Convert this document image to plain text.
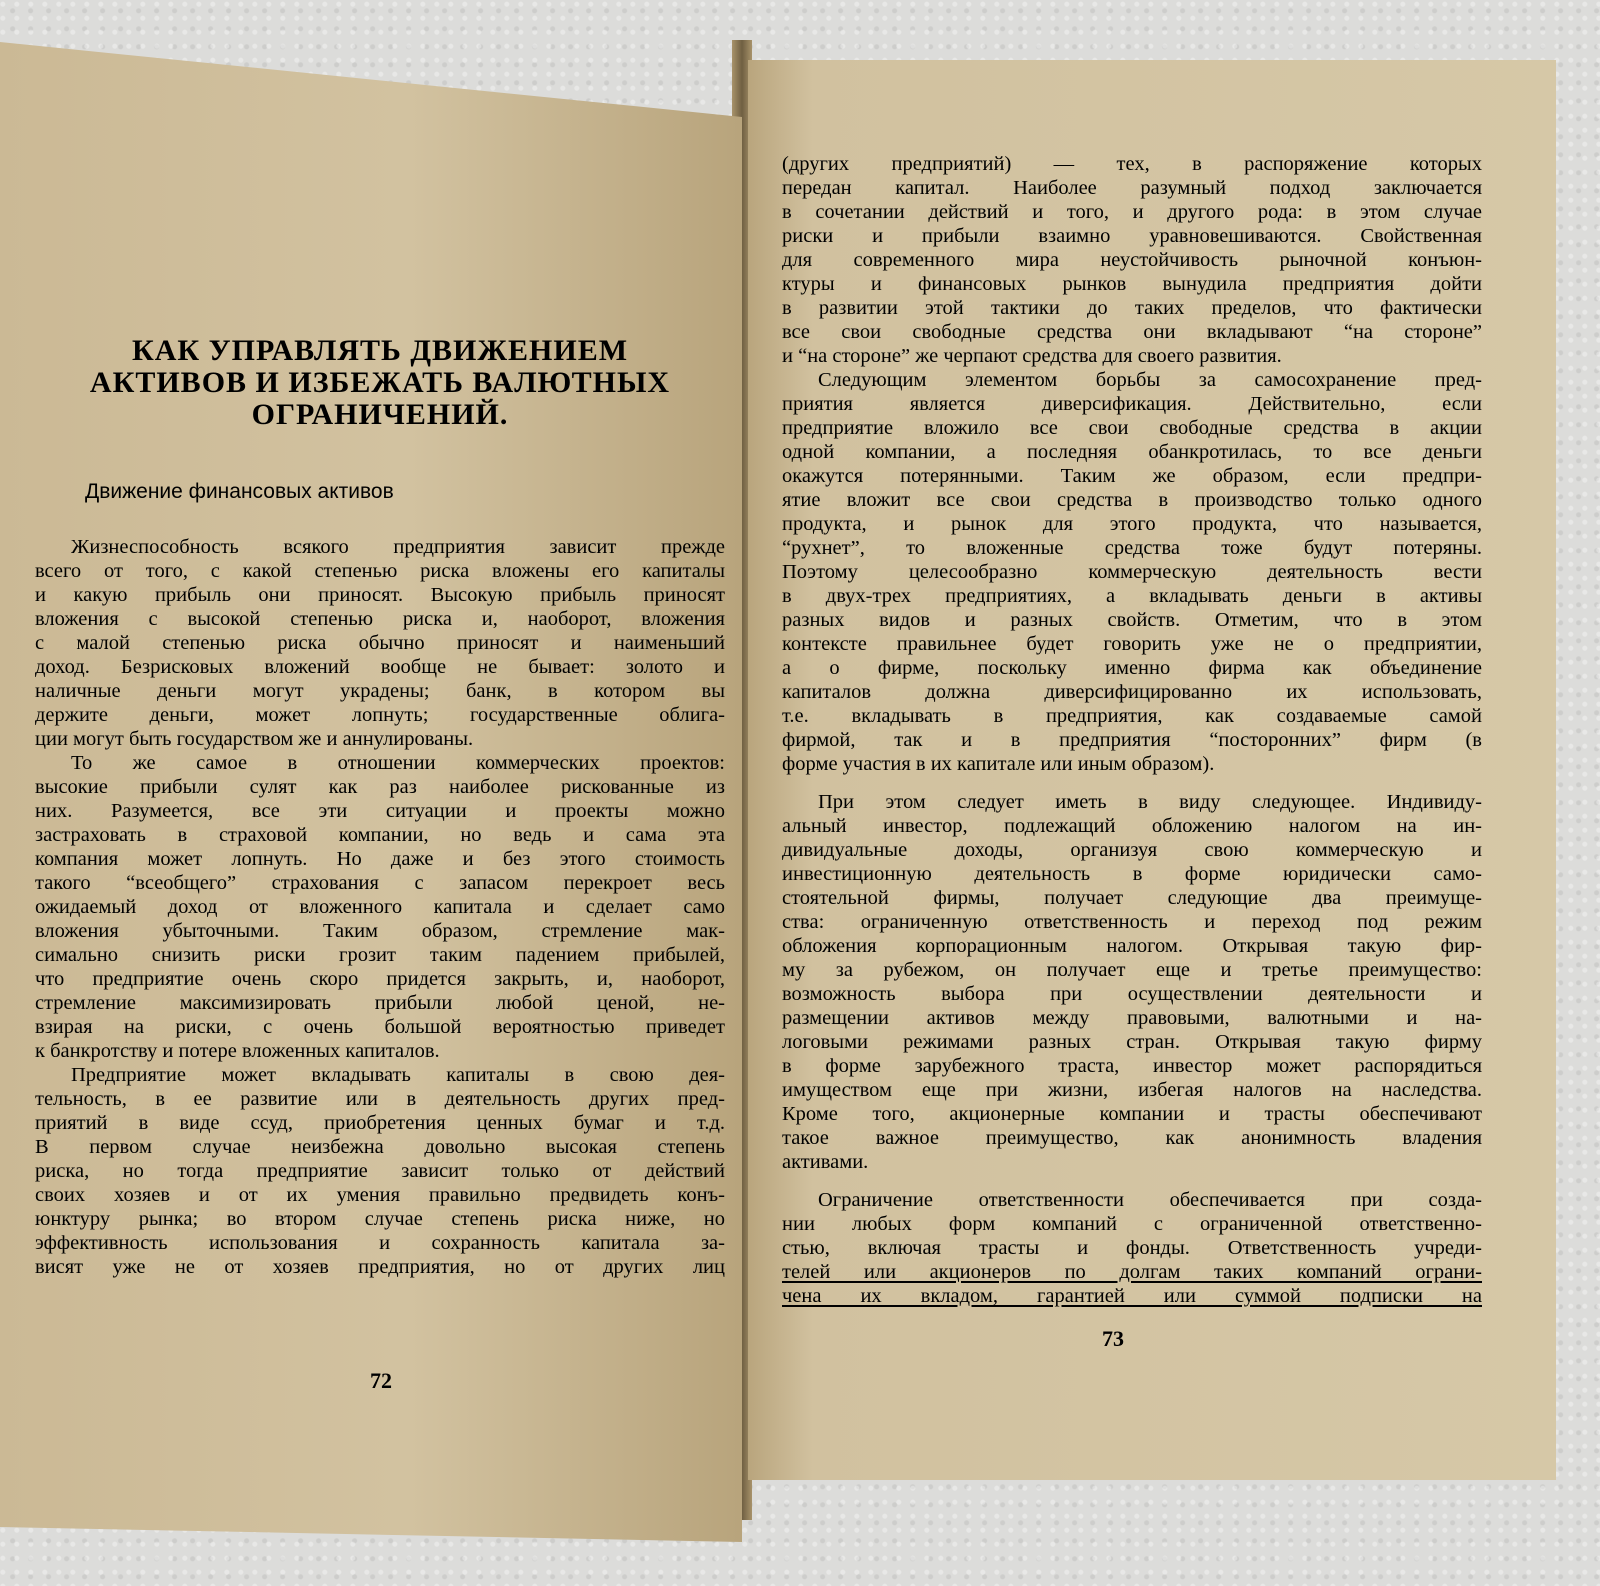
КАК УПРАВЛЯТЬ ДВИЖЕНИЕМ
АКТИВОВ И ИЗБЕЖАТЬ ВАЛЮТНЫХ
ОГРАНИЧЕНИЙ.
Движение финансовых активов

Жизнеспособность всякого предприятия зависит прежде

всего от того, с какой степенью риска вложены его капиталы

и какую прибыль они приносят. Высокую прибыль приносят

вложения с высокой степенью риска и, наоборот, вложения

с малой степенью риска обычно приносят и наименьший

доход. Безрисковых вложений вообще не бывает: золото и

наличные деньги могут украдены; банк, в котором вы

держите деньги, может лопнуть; государственные облига-

ции могут быть государством же и аннулированы.

То же самое в отношении коммерческих проектов:

высокие прибыли сулят как раз наиболее рискованные из

них. Разумеется, все эти ситуации и проекты можно

застраховать в страховой компании, но ведь и сама эта

компания может лопнуть. Но даже и без этого стоимость

такого “всеобщего” страхования с запасом перекроет весь

ожидаемый доход от вложенного капитала и сделает само

вложения убыточными. Таким образом, стремление мак-

симально снизить риски грозит таким падением прибылей,

что предприятие очень скоро придется закрыть, и, наоборот,

стремление максимизировать прибыли любой ценой, не-

взирая на риски, с очень большой вероятностью приведет

к банкротству и потере вложенных капиталов.

Предприятие может вкладывать капиталы в свою дея-

тельность, в ее развитие или в деятельность других пред-

приятий в виде ссуд, приобретения ценных бумаг и т.д.

В первом случае неизбежна довольно высокая степень

риска, но тогда предприятие зависит только от действий

своих хозяев и от их умения правильно предвидеть конъ-

юнктуру рынка; во втором случае степень риска ниже, но

эффективность использования и сохранность капитала за-

висят уже не от хозяев предприятия, но от других лиц

72

(других предприятий) — тех, в распоряжение которых

передан капитал. Наиболее разумный подход заключается

в сочетании действий и того, и другого рода: в этом случае

риски и прибыли взаимно уравновешиваются. Свойственная

для современного мира неустойчивость рыночной конъюн-

ктуры и финансовых рынков вынудила предприятия дойти

в развитии этой тактики до таких пределов, что фактически

все свои свободные средства они вкладывают “на стороне”

и “на стороне” же черпают средства для своего развития.

Следующим элементом борьбы за самосохранение пред-

приятия является диверсификация. Действительно, если

предприятие вложило все свои свободные средства в акции

одной компании, а последняя обанкротилась, то все деньги

окажутся потерянными. Таким же образом, если предпри-

ятие вложит все свои средства в производство только одного

продукта, и рынок для этого продукта, что называется,

“рухнет”, то вложенные средства тоже будут потеряны.

Поэтому целесообразно коммерческую деятельность вести

в двух-трех предприятиях, а вкладывать деньги в активы

разных видов и разных свойств. Отметим, что в этом

контексте правильнее будет говорить уже не о предприятии,

а о фирме, поскольку именно фирма как объединение

капиталов должна диверсифицированно их использовать,

т.е. вкладывать в предприятия, как создаваемые самой

фирмой, так и в предприятия “посторонних” фирм (в

форме участия в их капитале или иным образом).

При этом следует иметь в виду следующее. Индивиду-

альный инвестор, подлежащий обложению налогом на ин-

дивидуальные доходы, организуя свою коммерческую и

инвестиционную деятельность в форме юридически само-

стоятельной фирмы, получает следующие два преимуще-

ства: ограниченную ответственность и переход под режим

обложения корпорационным налогом. Открывая такую фир-

му за рубежом, он получает еще и третье преимущество:

возможность выбора при осуществлении деятельности и

размещении активов между правовыми, валютными и на-

логовыми режимами разных стран. Открывая такую фирму

в форме зарубежного траста, инвестор может распорядиться

имуществом еще при жизни, избегая налогов на наследства.

Кроме того, акционерные компании и трасты обеспечивают

такое важное преимущество, как анонимность владения

активами.

Ограничение ответственности обеспечивается при созда-

нии любых форм компаний с ограниченной ответственно-

стью, включая трасты и фонды. Ответственность учреди-

телей или акционеров по долгам таких компаний ограни-

чена их вкладом, гарантией или суммой подписки на

73
